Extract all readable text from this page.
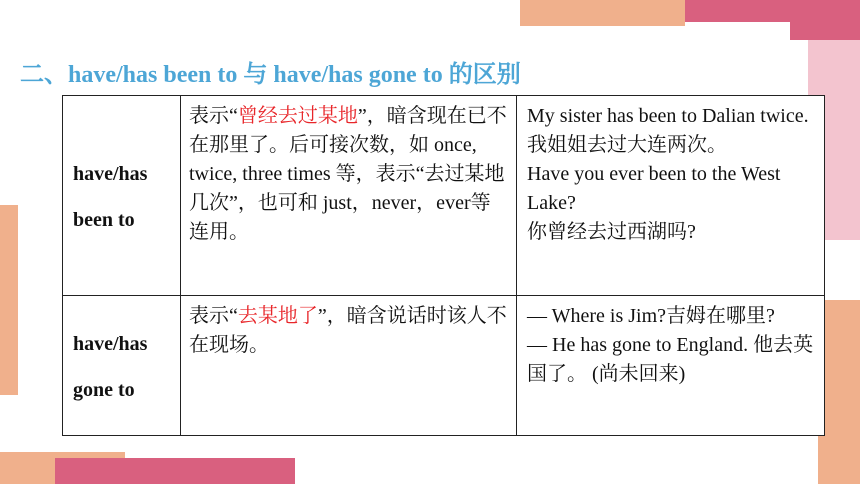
二、have/has been to 与 have/has gone to 的区别
have/has
been to	表示“曾经去过某地”，暗含现在已不在那里了。后可接次数，如 once, twice, three times 等，表示“去过某地几次”，也可和 just，never，ever等连用。	My sister has been to Dalian twice. 我姐姐去过大连两次。
Have you ever been to the West Lake?
你曾经去过西湖吗?

have/has
gone to	表示“去某地了”，暗含说话时该人不在现场。	— Where is Jim?吉姆在哪里?
— He has gone to England. 他去英国了。 (尚未回来)
